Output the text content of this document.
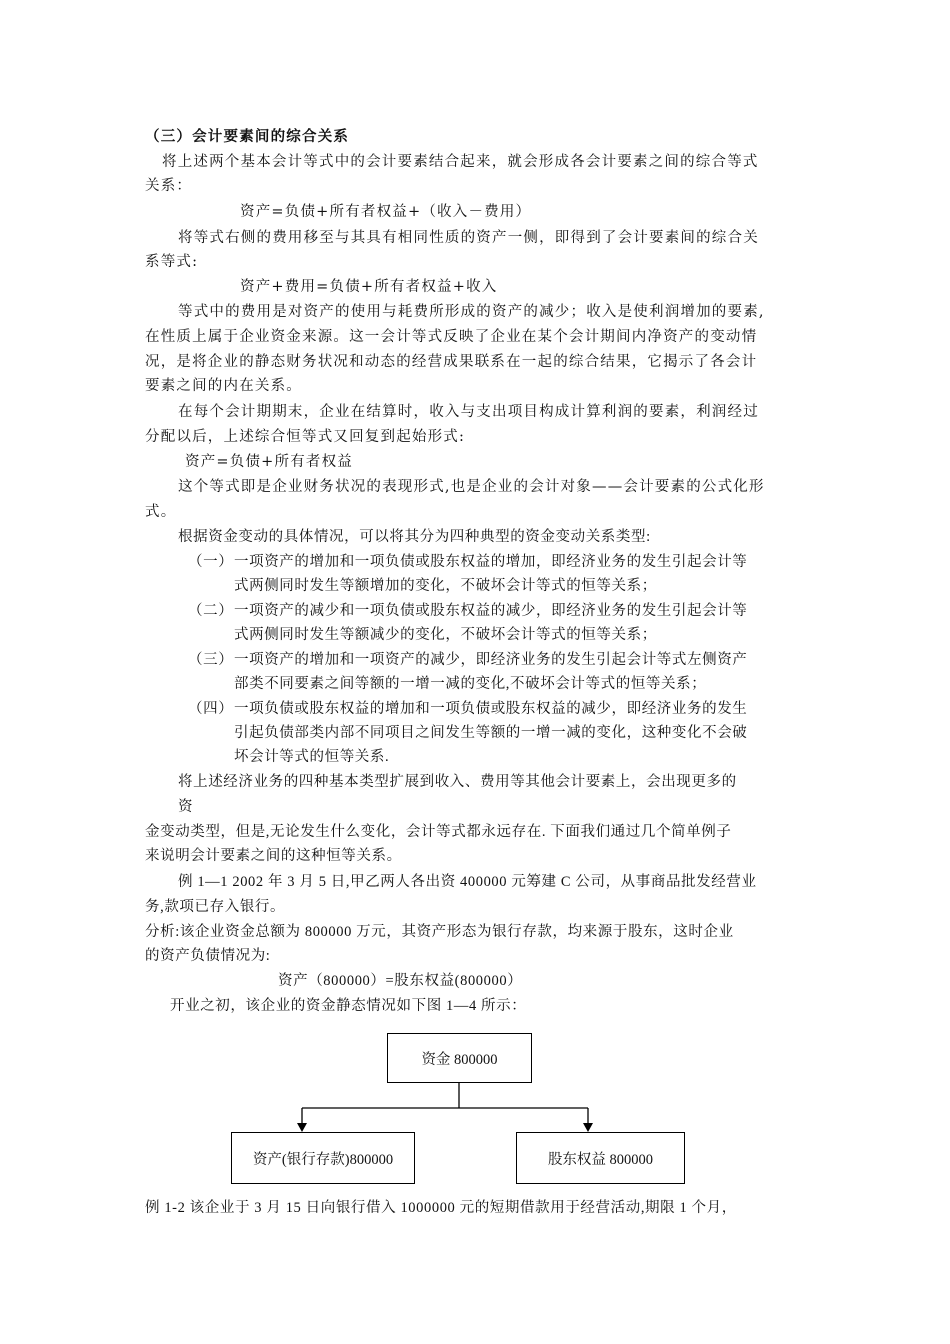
（三）会计要素间的综合关系
将上述两个基本会计等式中的会计要素结合起来，就会形成各会计要素之间的综合等式
关系：
资产=负债+所有者权益+（收入－费用）
将等式右侧的费用移至与其具有相同性质的资产一侧，即得到了会计要素间的综合关
系等式:
资产+费用=负债+所有者权益+收入
等式中的费用是对资产的使用与耗费所形成的资产的减少；收入是使利润增加的要素,
在性质上属于企业资金来源。这一会计等式反映了企业在某个会计期间内净资产的变动情
况，是将企业的静态财务状况和动态的经营成果联系在一起的综合结果，它揭示了各会计
要素之间的内在关系。
在每个会计期期末，企业在结算时，收入与支出项目构成计算利润的要素，利润经过
分配以后，上述综合恒等式又回复到起始形式:
资产=负债+所有者权益
这个等式即是企业财务状况的表现形式,也是企业的会计对象——会计要素的公式化形
式。
根据资金变动的具体情况，可以将其分为四种典型的资金变动关系类型:
（一） 一项资产的增加和一项负债或股东权益的增加，即经济业务的发生引起会计等
式两侧同时发生等额增加的变化，不破坏会计等式的恒等关系；
（二） 一项资产的减少和一项负债或股东权益的减少，即经济业务的发生引起会计等
式两侧同时发生等额减少的变化，不破坏会计等式的恒等关系；
（三） 一项资产的增加和一项资产的减少，即经济业务的发生引起会计等式左侧资产
部类不同要素之间等额的一增一减的变化,不破坏会计等式的恒等关系；
（四） 一项负债或股东权益的增加和一项负债或股东权益的减少，即经济业务的发生
引起负债部类内部不同项目之间发生等额的一增一减的变化，这种变化不会破
坏会计等式的恒等关系.
将上述经济业务的四种基本类型扩展到收入、费用等其他会计要素上，会出现更多的
资
金变动类型，但是,无论发生什么变化，会计等式都永远存在. 下面我们通过几个简单例子
来说明会计要素之间的这种恒等关系。
例 1—1 2002 年 3 月 5 日,甲乙两人各出资 400000 元筹建 C 公司，从事商品批发经营业
务,款项已存入银行。
分析:该企业资金总额为 800000 万元，其资产形态为银行存款，均来源于股东，这时企业
的资产负债情况为:
资产（800000）=股东权益(800000）
开业之初，该企业的资金静态情况如下图 1—4 所示：
资金 800000
资产(银行存款)800000	股东权益 800000
例 1-2 该企业于 3 月 15 日向银行借入 1000000 元的短期借款用于经营活动,期限 1 个月，
